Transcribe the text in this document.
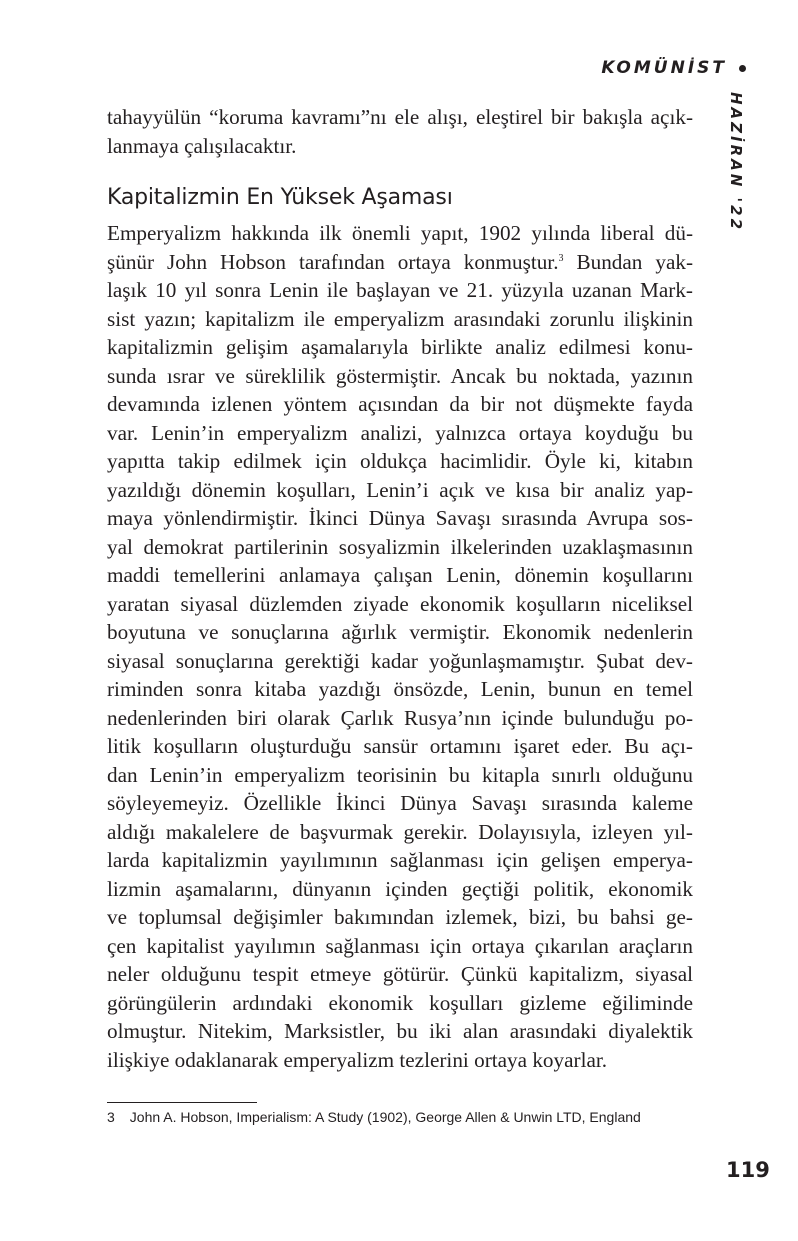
KOMÜNİST
HAZİRAN '22

tahayyülün “koruma kavramı”nı ele alışı, eleştirel bir bakışla açık-
lanmaya çalışılacaktır.

Kapitalizmin En Yüksek Aşaması

Emperyalizm hakkında ilk önemli yapıt, 1902 yılında liberal dü-
şünür John Hobson tarafından ortaya konmuştur.$^3$ Bundan yak-
laşık 10 yıl sonra Lenin ile başlayan ve 21. yüzyıla uzanan Mark-
sist yazın; kapitalizm ile emperyalizm arasındaki zorunlu ilişkinin
kapitalizmin gelişim aşamalarıyla birlikte analiz edilmesi konu-
sunda ısrar ve süreklilik göstermiştir. Ancak bu noktada, yazının
devamında izlenen yöntem açısından da bir not düşmekte fayda
var. Lenin’in emperyalizm analizi, yalnızca ortaya koyduğu bu
yapıtta takip edilmek için oldukça hacimlidir. Öyle ki, kitabın
yazıldığı dönemin koşulları, Lenin’i açık ve kısa bir analiz yap-
maya yönlendirmiştir. İkinci Dünya Savaşı sırasında Avrupa sos-
yal demokrat partilerinin sosyalizmin ilkelerinden uzaklaşmasının
maddi temellerini anlamaya çalışan Lenin, dönemin koşullarını
yaratan siyasal düzlemden ziyade ekonomik koşulların niceliksel
boyutuna ve sonuçlarına ağırlık vermiştir. Ekonomik nedenlerin
siyasal sonuçlarına gerektiği kadar yoğunlaşmamıştır. Şubat dev-
riminden sonra kitaba yazdığı önsözde, Lenin, bunun en temel
nedenlerinden biri olarak Çarlık Rusya’nın içinde bulunduğu po-
litik koşulların oluşturduğu sansür ortamını işaret eder. Bu açı-
dan Lenin’in emperyalizm teorisinin bu kitapla sınırlı olduğunu
söyleyemeyiz. Özellikle İkinci Dünya Savaşı sırasında kaleme
aldığı makalelere de başvurmak gerekir. Dolayısıyla, izleyen yıl-
larda kapitalizmin yayılımının sağlanması için gelişen emperya-
lizmin aşamalarını, dünyanın içinden geçtiği politik, ekonomik
ve toplumsal değişimler bakımından izlemek, bizi, bu bahsi ge-
çen kapitalist yayılımın sağlanması için ortaya çıkarılan araçların
neler olduğunu tespit etmeye götürür. Çünkü kapitalizm, siyasal
görüngülerin ardındaki ekonomik koşulları gizleme eğiliminde
olmuştur. Nitekim, Marksistler, bu iki alan arasındaki diyalektik
ilişkiye odaklanarak emperyalizm tezlerini ortaya koyarlar.

3 John A. Hobson, Imperialism: A Study (1902), George Allen & Unwin LTD, England
119
